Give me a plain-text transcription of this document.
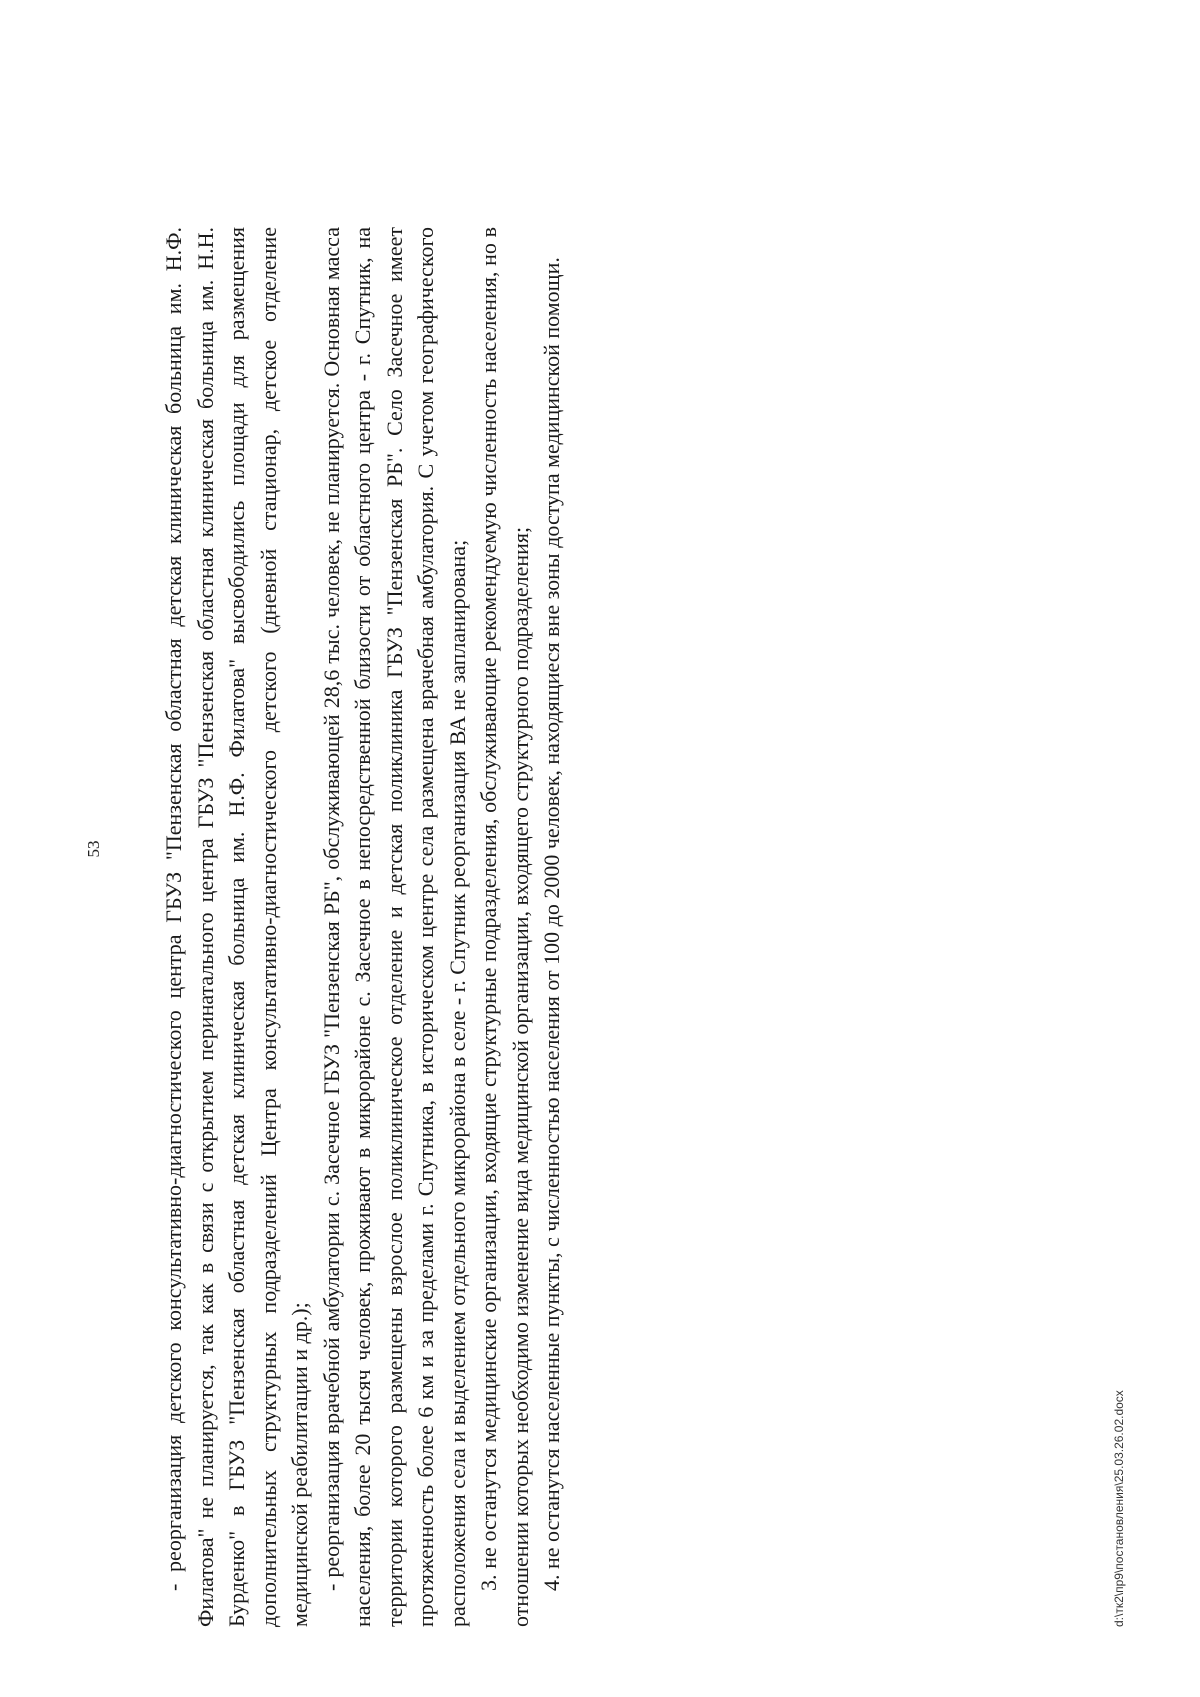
53	- реорганизация детского консультативно-диагностического центра ГБУЗ "Пензенская областная детская клиническая больница им. Н.Ф. Филатова" не планируется, так как в связи с открытием перинатального центра ГБУЗ "Пензенская областная клиническая больница им. Н.Н. Бурденко" в ГБУЗ "Пензенская областная детская клиническая больница им. Н.Ф. Филатова" высвободились площади для размещения дополнительных структурных подразделений Центра консультативно-диагностического детского (дневной стационар, детское отделение медицинской реабилитации и др.); - реорганизация врачебной амбулатории с. Засечное ГБУЗ "Пензенская РБ", обслуживающей 28,6 тыс. человек, не планируется. Основная масса населения, более 20 тысяч человек, проживают в микрорайоне с. Засечное в непосредственной близости от областного центра - г. Спутник, на территории которого размещены взрослое поликлиническое отделение и детская поликлиника ГБУЗ "Пензенская РБ". Село Засечное имеет протяженность более 6 км и за пределами г. Спутника, в историческом центре села размещена врачебная амбулатория. С учетом географического расположения села и выделением отдельного микрорайона в селе - г. Спутник реорганизация ВА не запланирована; 3. не останутся медицинские организации, входящие структурные подразделения, обслуживающие рекомендуемую численность населения, но в отношении которых необходимо изменение вида медицинской организации, входящего структурного подразделения; 4. не останутся населенные пункты, с численностью населения от 100 до 2000 человек, находящиеся вне зоны доступа медицинской помощи.	d:\тк2\пр9\постановления\25.03.26.02.docx
